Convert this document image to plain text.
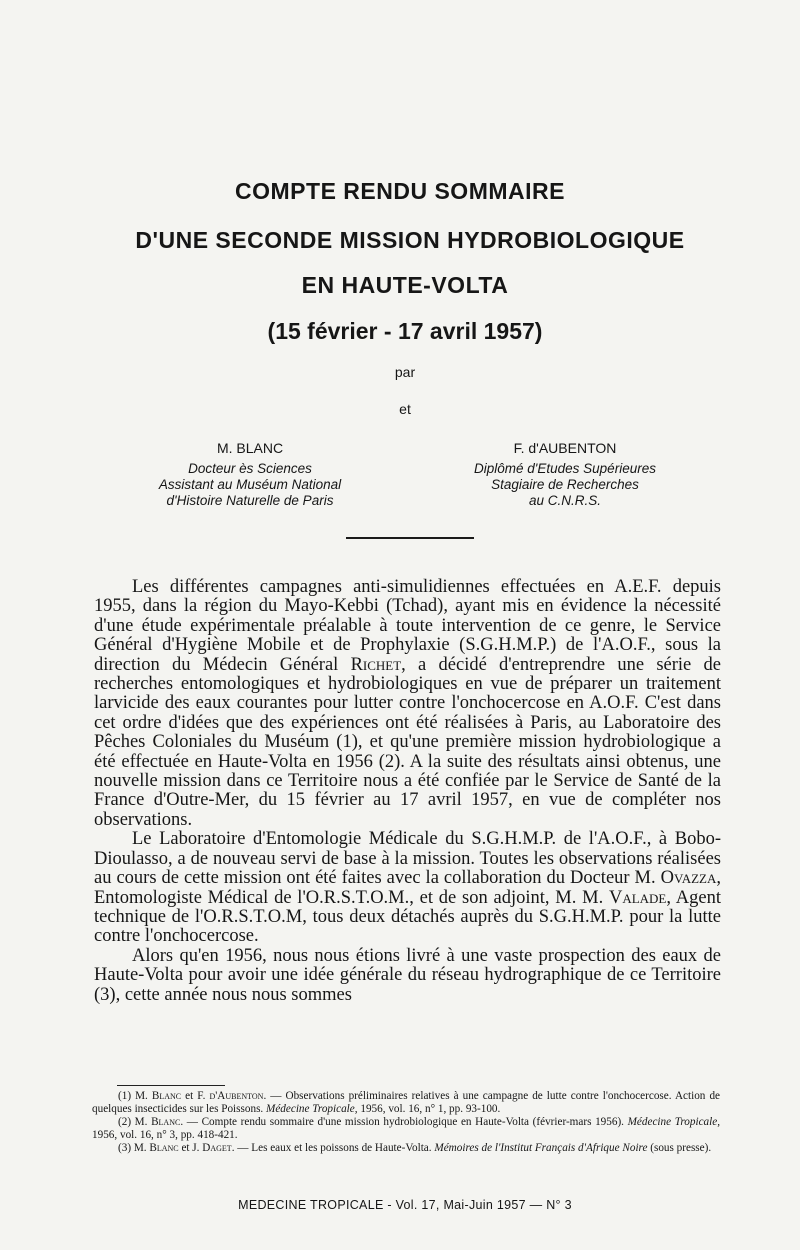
COMPTE RENDU SOMMAIRE
D'UNE SECONDE MISSION HYDROBIOLOGIQUE
EN HAUTE-VOLTA
(15 février - 17 avril 1957)
par
et
M. BLANC
Docteur ès Sciences
Assistant au Muséum National
d'Histoire Naturelle de Paris
F. d'AUBENTON
Diplômé d'Etudes Supérieures
Stagiaire de Recherches
au C.N.R.S.

Les différentes campagnes anti-simulidiennes effectuées en A.E.F. depuis 1955, dans la région du Mayo-Kebbi (Tchad), ayant mis en évidence la nécessité d'une étude expérimentale préalable à toute intervention de ce genre, le Service Général d'Hygiène Mobile et de Prophylaxie (S.G.H.M.P.) de l'A.O.F., sous la direction du Médecin Général Richet, a décidé d'entreprendre une série de recherches entomologiques et hydrobiologiques en vue de préparer un traitement larvicide des eaux courantes pour lutter contre l'onchocercose en A.O.F. C'est dans cet ordre d'idées que des expériences ont été réalisées à Paris, au Laboratoire des Pêches Coloniales du Muséum (1), et qu'une première mission hydrobiologique a été effectuée en Haute-Volta en 1956 (2). A la suite des résultats ainsi obtenus, une nouvelle mission dans ce Territoire nous a été confiée par le Service de Santé de la France d'Outre-Mer, du 15 février au 17 avril 1957, en vue de compléter nos observations.

Le Laboratoire d'Entomologie Médicale du S.G.H.M.P. de l'A.O.F., à Bobo-Dioulasso, a de nouveau servi de base à la mission. Toutes les observations réalisées au cours de cette mission ont été faites avec la collaboration du Docteur M. Ovazza, Entomologiste Médical de l'O.R.S.T.O.M., et de son adjoint, M. M. Valade, Agent technique de l'O.R.S.T.O.M, tous deux détachés auprès du S.G.H.M.P. pour la lutte contre l'onchocercose.

Alors qu'en 1956, nous nous étions livré à une vaste prospection des eaux de Haute-Volta pour avoir une idée générale du réseau hydrographique de ce Territoire (3), cette année nous nous sommes

(1) M. Blanc et F. d'Aubenton. — Observations préliminaires relatives à une campagne de lutte contre l'onchocercose. Action de quelques insecticides sur les Poissons. Médecine Tropicale, 1956, vol. 16, n° 1, pp. 93-100.

(2) M. Blanc. — Compte rendu sommaire d'une mission hydrobiologique en Haute-Volta (février-mars 1956). Médecine Tropicale, 1956, vol. 16, n° 3, pp. 418-421.

(3) M. Blanc et J. Daget. — Les eaux et les poissons de Haute-Volta. Mémoires de l'Institut Français d'Afrique Noire (sous presse).

MEDECINE TROPICALE - Vol. 17, Mai-Juin 1957 — N° 3
